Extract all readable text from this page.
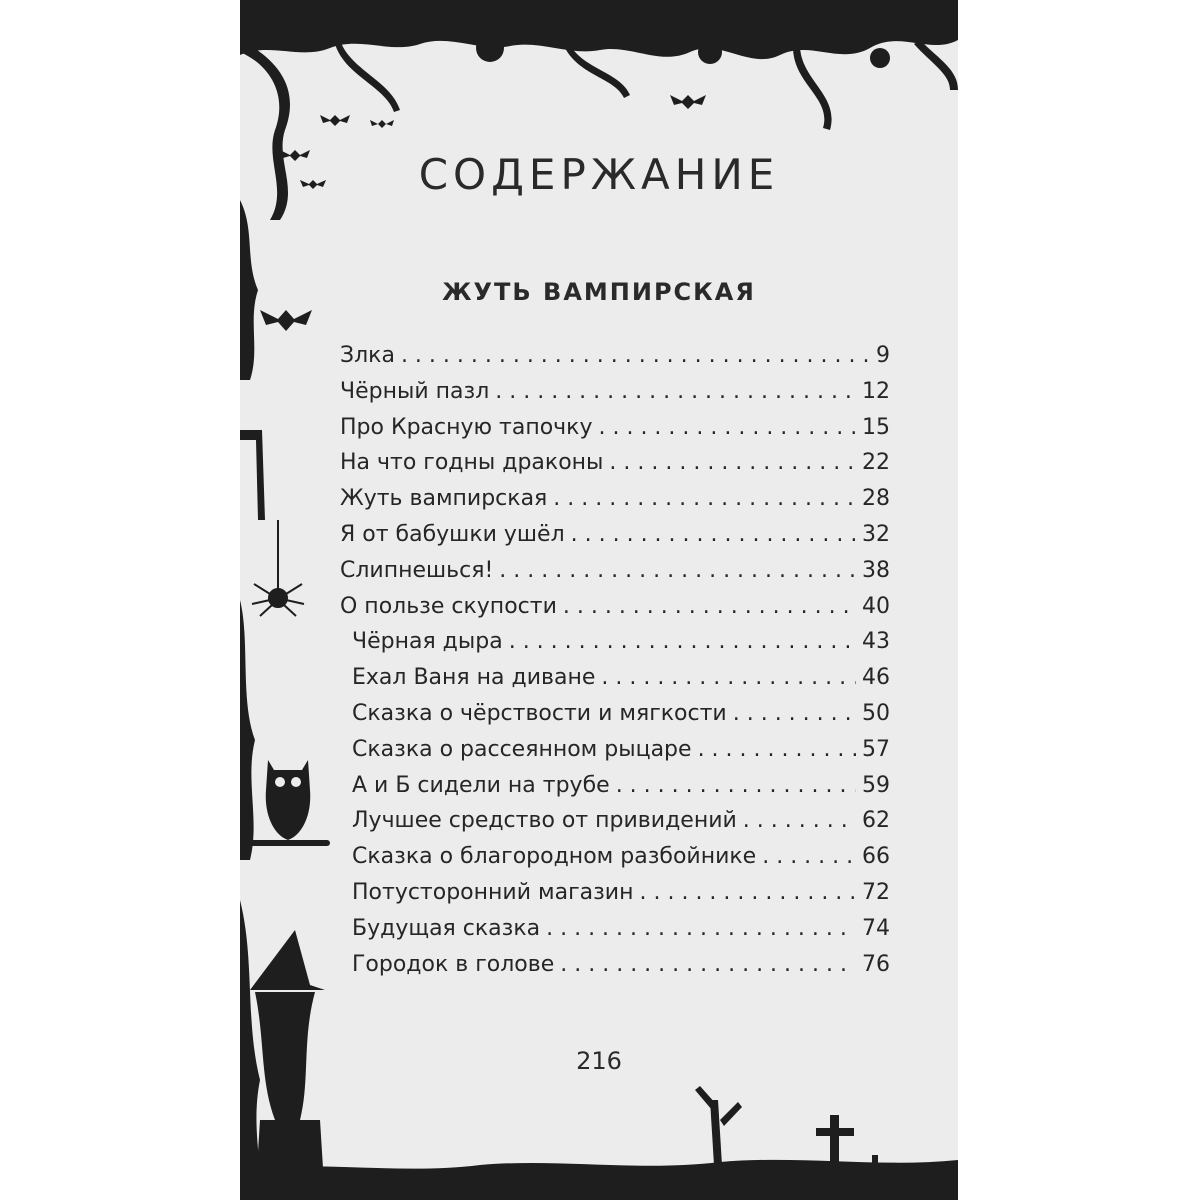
СОДЕРЖАНИЕ
ЖУТЬ ВАМПИРСКАЯ
Злка . . .	9
Чёрный пазл . . .	12
Про Красную тапочку . . .	15
На что годны драконы . . .	22
Жуть вампирская . . .	28
Я от бабушки ушёл . . .	32
Слипнешься! . . .	38
О пользе скупости . . .	40
Чёрная дыра . . .	43
Ехал Ваня на диване . . .	46
Сказка о чёрствости и мягкости . . .	50
Сказка о рассеянном рыцаре . . .	57
А и Б сидели на трубе . . .	59
Лучшее средство от привидений . . .	62
Сказка о благородном разбойнике . . .	66
Потусторонний магазин . . .	72
Будущая сказка . . .	74
Городок в голове . . .	76
216
